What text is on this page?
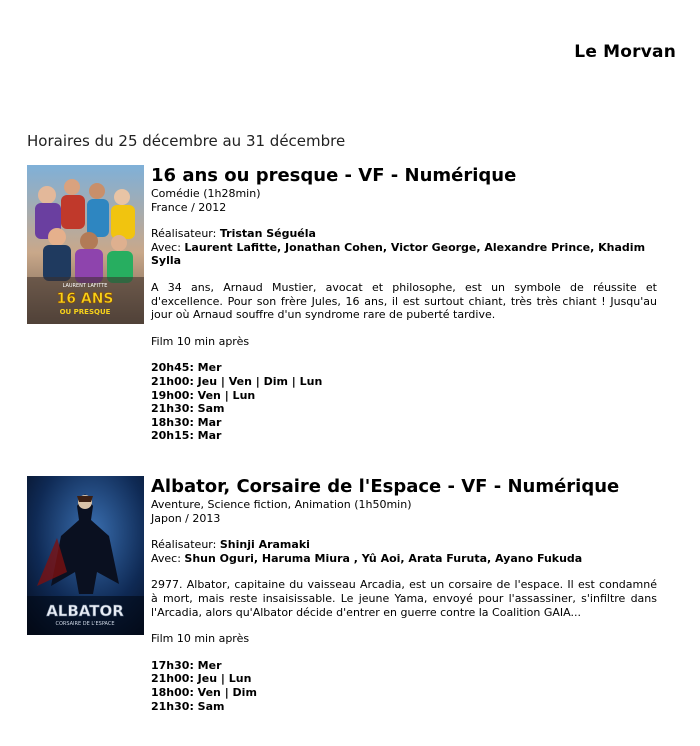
Le Morvan
Horaires du 25 décembre au 31 décembre
LAURENT LAFITTE
16 ANS
OU PRESQUE
16 ans ou presque - VF - Numérique

Comédie (1h28min)

France / 2012

Réalisateur: Tristan Séguéla

Avec: Laurent Lafitte, Jonathan Cohen, Victor George, Alexandre Prince, Khadim Sylla

A 34 ans, Arnaud Mustier, avocat et philosophe, est un symbole de réussite et d'excellence. Pour son frère Jules, 16 ans, il est surtout chiant, très très chiant ! Jusqu'au jour où Arnaud souffre d'un syndrome rare de puberté tardive.

Film 10 min après

20h45: Mer
21h00: Jeu | Ven | Dim | Lun
19h00: Ven | Lun
21h30: Sam
18h30: Mar
20h15: Mar
ALBATOR
CORSAIRE DE L'ESPACE
Albator, Corsaire de l'Espace - VF - Numérique

Aventure, Science fiction, Animation (1h50min)

Japon / 2013

Réalisateur: Shinji Aramaki

Avec: Shun Oguri, Haruma Miura , Yû Aoi, Arata Furuta, Ayano Fukuda

2977. Albator, capitaine du vaisseau Arcadia, est un corsaire de l'espace. Il est condamné à mort, mais reste insaisissable. Le jeune Yama, envoyé pour l'assassiner, s'infiltre dans l'Arcadia, alors qu'Albator décide d'entrer en guerre contre la Coalition GAIA...

Film 10 min après

17h30: Mer
21h00: Jeu | Lun
18h00: Ven | Dim
21h30: Sam
